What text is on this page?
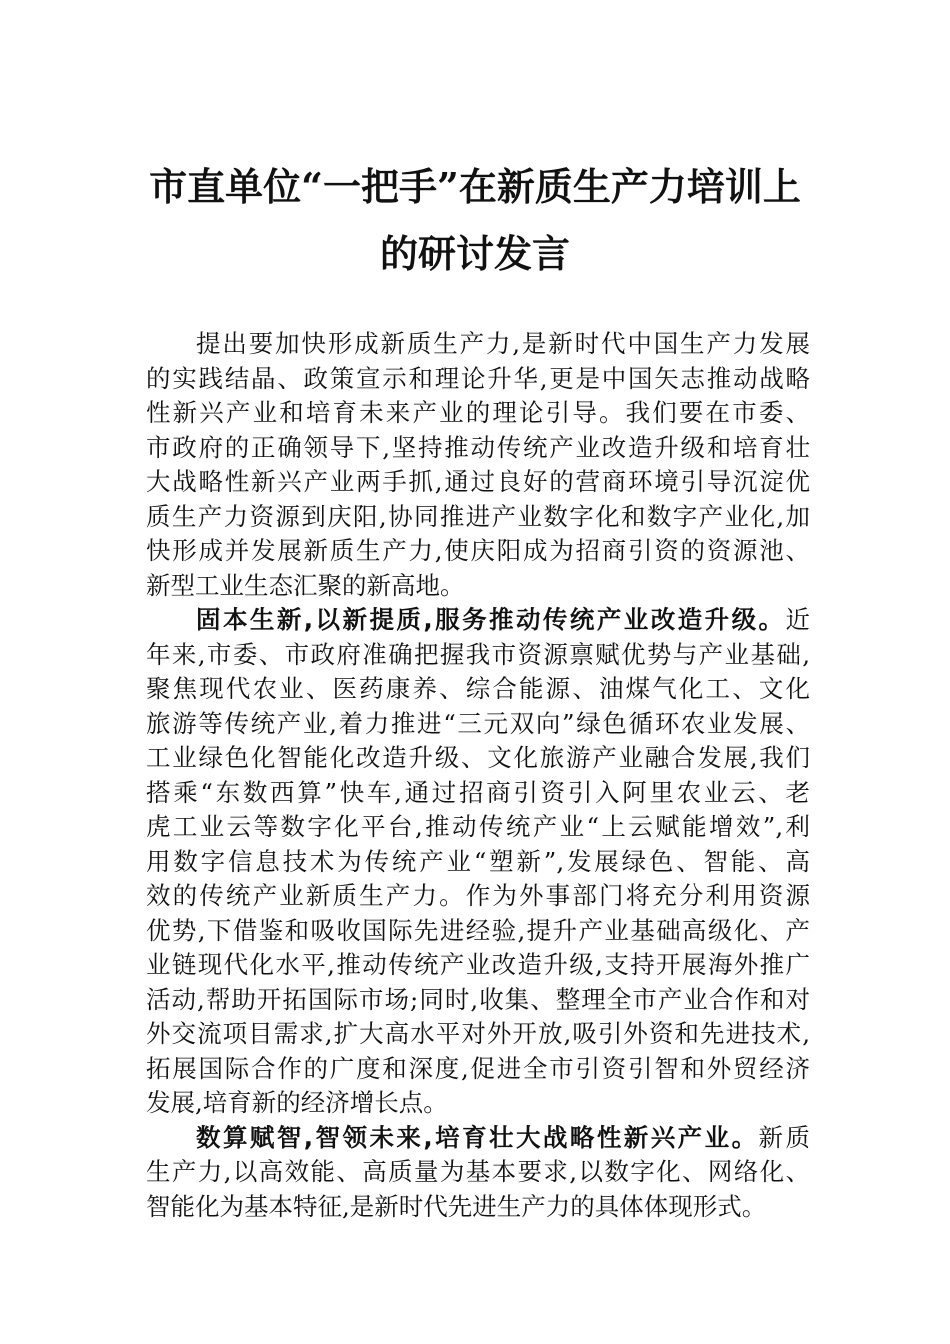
市直单位“一把手”在新质生产力培训上
的研讨发言
提出要加快形成新质生产力,是新时代中国生产力发展
的实践结晶、政策宣示和理论升华,更是中国矢志推动战略
性新兴产业和培育未来产业的理论引导。我们要在市委、
市政府的正确领导下,坚持推动传统产业改造升级和培育壮
大战略性新兴产业两手抓,通过良好的营商环境引导沉淀优
质生产力资源到庆阳,协同推进产业数字化和数字产业化,加
快形成并发展新质生产力,使庆阳成为招商引资的资源池、
新型工业生态汇聚的新高地。
固本生新,以新提质,服务推动传统产业改造升级。近
年来,市委、市政府准确把握我市资源禀赋优势与产业基础,
聚焦现代农业、医药康养、综合能源、油煤气化工、文化
旅游等传统产业,着力推进“三元双向”绿色循环农业发展、
工业绿色化智能化改造升级、文化旅游产业融合发展,我们
搭乘“东数西算”快车,通过招商引资引入阿里农业云、老
虎工业云等数字化平台,推动传统产业“上云赋能增效”,利
用数字信息技术为传统产业“塑新”,发展绿色、智能、高
效的传统产业新质生产力。作为外事部门将充分利用资源
优势,下借鉴和吸收国际先进经验,提升产业基础高级化、产
业链现代化水平,推动传统产业改造升级,支持开展海外推广
活动,帮助开拓国际市场;同时,收集、整理全市产业合作和对
外交流项目需求,扩大高水平对外开放,吸引外资和先进技术,
拓展国际合作的广度和深度,促进全市引资引智和外贸经济
发展,培育新的经济增长点。
数算赋智,智领未来,培育壮大战略性新兴产业。新质
生产力,以高效能、高质量为基本要求,以数字化、网络化、
智能化为基本特征,是新时代先进生产力的具体体现形式。
